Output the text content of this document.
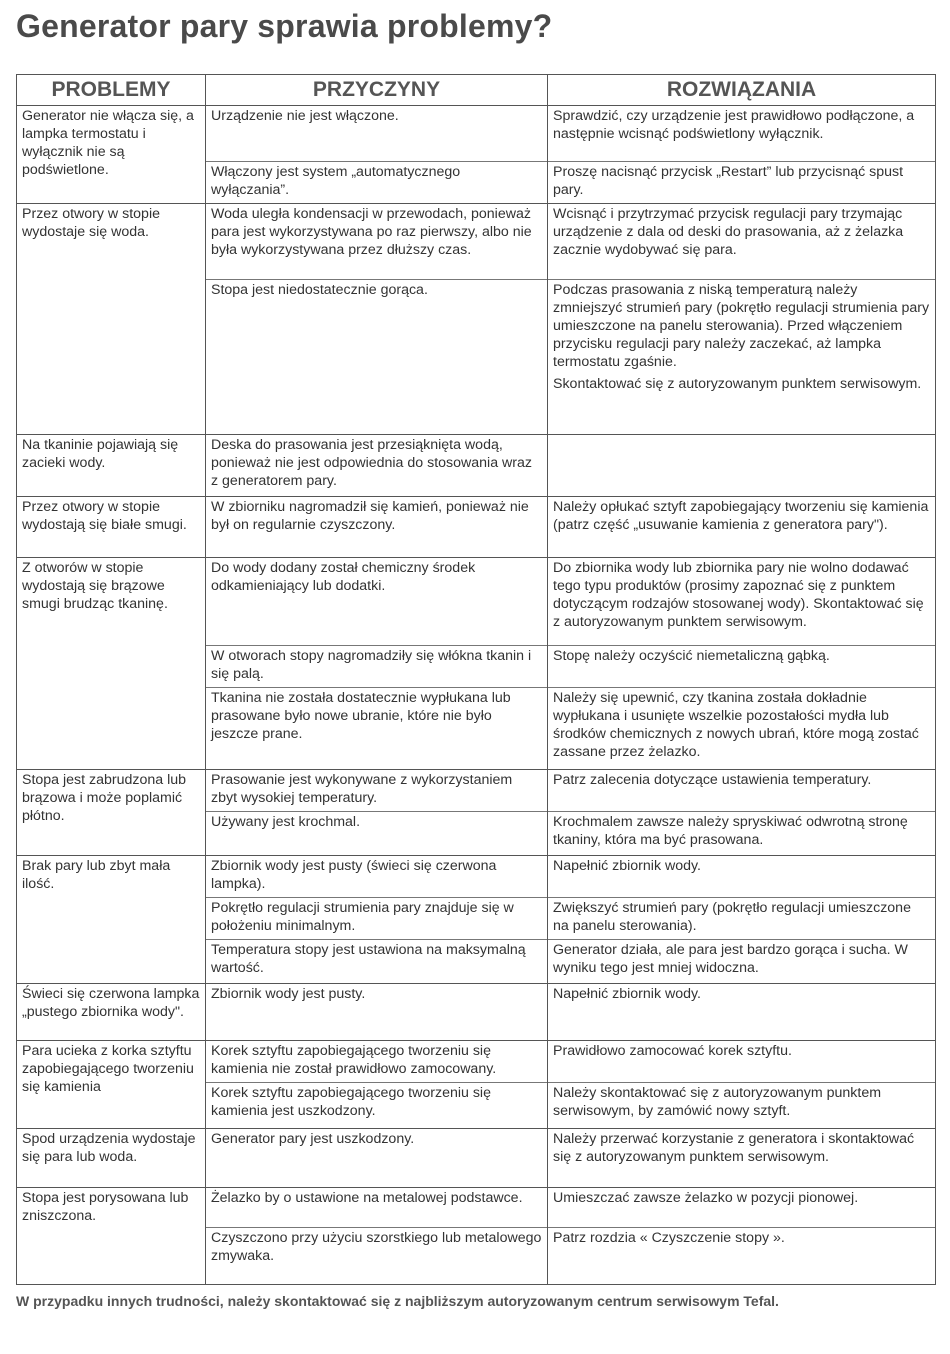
Generator pary sprawia problemy?
PROBLEMY	PRZYCZYNY	ROZWIĄZANIA
Generator nie włącza się, a lampka termostatu i wyłącznik nie są podświetlone.	Urządzenie nie jest włączone.	Sprawdzić, czy urządzenie jest prawidłowo podłączone, a następnie wcisnąć podświetlony wyłącznik.

	Włączony jest system „automatycznego wyłączania”.	Proszę nacisnąć przycisk „Restart” lub przycisnąć spust pary.

Przez otwory w stopie wydostaje się woda.	Woda uległa kondensacji w przewodach, ponieważ para jest wykorzystywana po raz pierwszy, albo nie była wykorzystywana przez dłuższy czas.	Wcisnąć i przytrzymać przycisk regulacji pary trzymając urządzenie z dala od deski do prasowania, aż z żelazka zacznie wydobywać się para.

	Stopa jest niedostatecznie gorąca.	Podczas prasowania z niską temperaturą należy zmniejszyć strumień pary (pokrętło regulacji strumienia pary umieszczone na panelu sterowania). Przed włączeniem przycisku regulacji pary należy zaczekać, aż lampka termostatu zgaśnie.
Skontaktować się z autoryzowanym punktem serwisowym.

Na tkaninie pojawiają się zacieki wody.	Deska do prasowania jest przesiąknięta wodą, ponieważ nie jest odpowiednia do stosowania wraz z generatorem pary.	

Przez otwory w stopie wydostają się białe smugi.	W zbiorniku nagromadził się kamień, ponieważ nie był on regularnie czyszczony.	Należy opłukać sztyft zapobiegający tworzeniu się kamienia (patrz część „usuwanie kamienia z generatora pary").

Z otworów w stopie wydostają się brązowe smugi brudząc tkaninę.	Do wody dodany został chemiczny środek odkamieniający lub dodatki.	Do zbiornika wody lub zbiornika pary nie wolno dodawać tego typu produktów (prosimy zapoznać się z punktem dotyczącym rodzajów stosowanej wody). Skontaktować się z autoryzowanym punktem serwisowym.

	W otworach stopy nagromadziły się włókna tkanin i się palą.	Stopę należy oczyścić niemetaliczną gąbką.

	Tkanina nie została dostatecznie wypłukana lub prasowane było nowe ubranie, które nie było jeszcze prane.	Należy się upewnić, czy tkanina została dokładnie wypłukana i usunięte wszelkie pozostałości mydła lub środków chemicznych z nowych ubrań, które mogą zostać zassane przez żelazko.

Stopa jest zabrudzona lub brązowa i może poplamić płótno.	Prasowanie jest wykonywane z wykorzystaniem zbyt wysokiej temperatury.	Patrz zalecenia dotyczące ustawienia temperatury.

	Używany jest krochmal.	Krochmalem zawsze należy spryskiwać odwrotną stronę tkaniny, która ma być prasowana.

Brak pary lub zbyt mała ilość.	Zbiornik wody jest pusty (świeci się czerwona lampka).	Napełnić zbiornik wody.

	Pokrętło regulacji strumienia pary znajduje się w położeniu minimalnym.	Zwiększyć strumień pary (pokrętło regulacji umieszczone na panelu sterowania).

	Temperatura stopy jest ustawiona na maksymalną wartość.	Generator działa, ale para jest bardzo gorąca i sucha. W wyniku tego jest mniej widoczna.

Świeci się czerwona lampka „pustego zbiornika wody".	Zbiornik wody jest pusty.	Napełnić zbiornik wody.

Para ucieka z korka sztyftu zapobiegającego tworzeniu się kamienia	Korek sztyftu zapobiegającego tworzeniu się kamienia nie został prawidłowo zamocowany.	Prawidłowo zamocować korek sztyftu.

	Korek sztyftu zapobiegającego tworzeniu się kamienia jest uszkodzony.	Należy skontaktować się z autoryzowanym punktem serwisowym, by zamówić nowy sztyft.

Spod urządzenia wydostaje się para lub woda.	Generator pary jest uszkodzony.	Należy przerwać korzystanie z generatora i skontaktować się z autoryzowanym punktem serwisowym.

Stopa jest porysowana lub zniszczona.	Żelazko by o ustawione na metalowej podstawce.	Umieszczać zawsze żelazko w pozycji pionowej.

	Czyszczono przy użyciu szorstkiego lub metalowego zmywaka.	Patrz rozdzia « Czyszczenie stopy ».

W przypadku innych trudności, należy skontaktować się z najbliższym autoryzowanym centrum serwisowym Tefal.
